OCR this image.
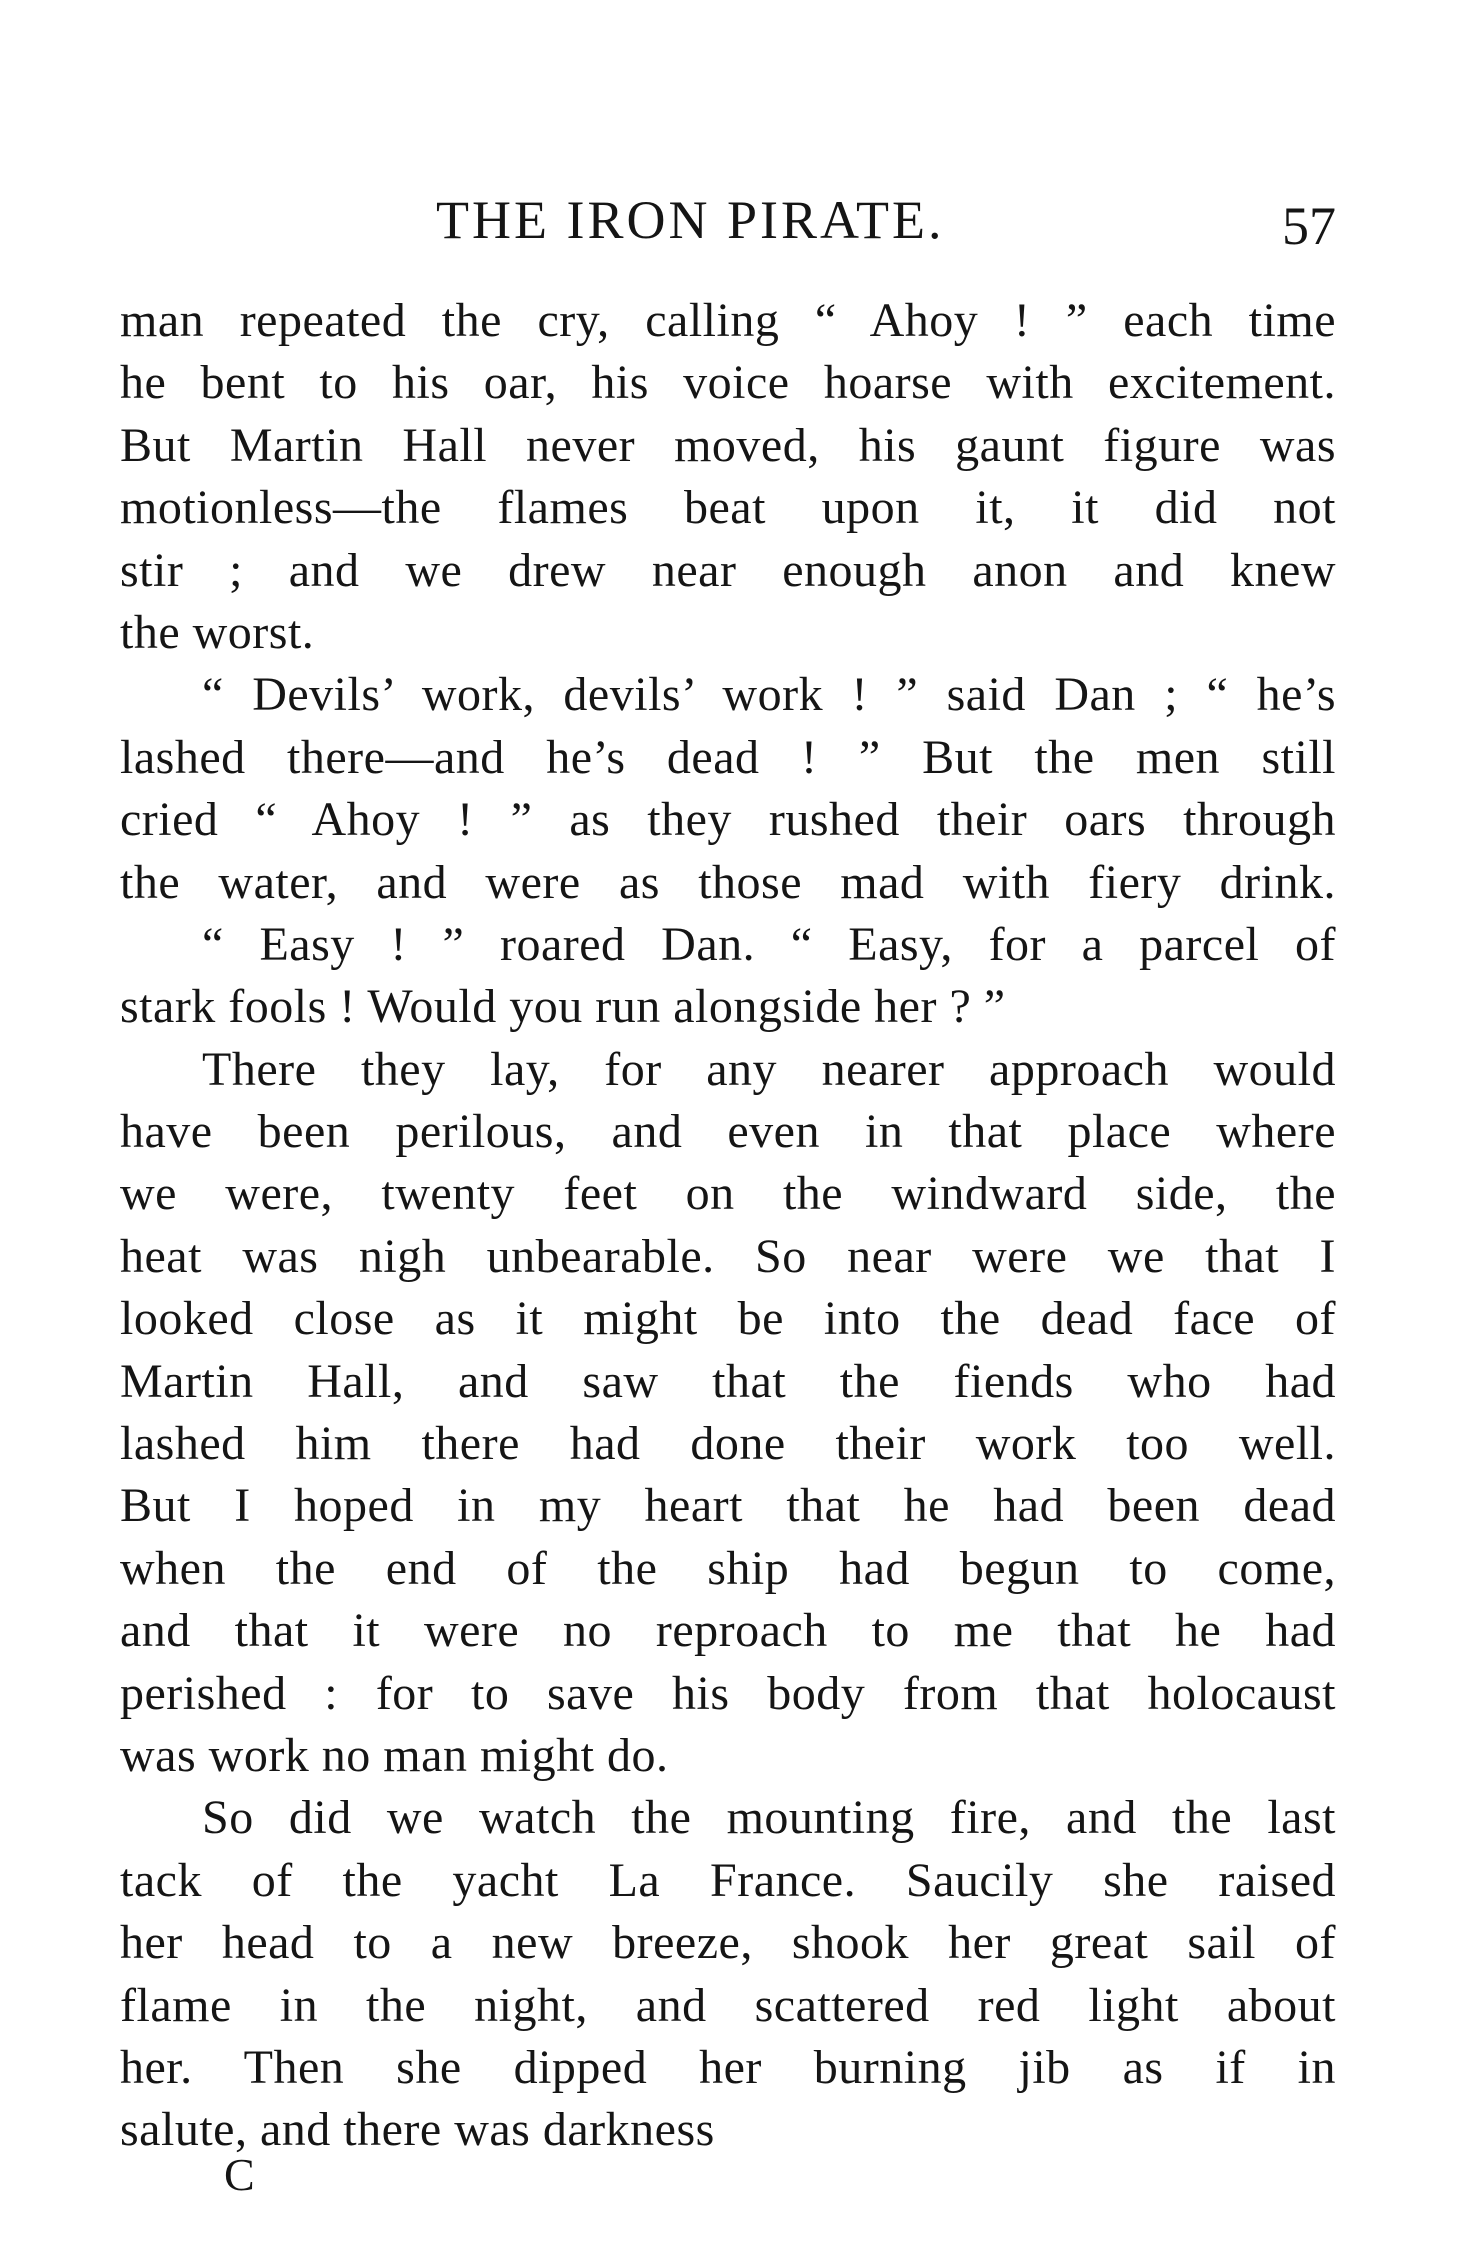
THE IRON PIRATE.	57
man repeated the cry, calling “ Ahoy ! ” each time
he bent to his oar, his voice hoarse with excitement.
But Martin Hall never moved, his gaunt figure was
motionless—the flames beat upon it, it did not
stir ; and we drew near enough anon and knew
the worst.
“ Devils’ work, devils’ work ! ” said Dan ; “ he’s
lashed there—and he’s dead ! ” But the men still
cried “ Ahoy ! ” as they rushed their oars through
the water, and were as those mad with fiery drink.
“ Easy ! ” roared Dan. “ Easy, for a parcel of
stark fools ! Would you run alongside her ? ”
There they lay, for any nearer approach would
have been perilous, and even in that place where
we were, twenty feet on the windward side, the
heat was nigh unbearable. So near were we that I
looked close as it might be into the dead face of
Martin Hall, and saw that the fiends who had
lashed him there had done their work too well.
But I hoped in my heart that he had been dead
when the end of the ship had begun to come,
and that it were no reproach to me that he had
perished : for to save his body from that holocaust
was work no man might do.
So did we watch the mounting fire, and the last
tack of the yacht La France. Saucily she raised
her head to a new breeze, shook her great sail of
flame in the night, and scattered red light about
her. Then she dipped her burning jib as if in
salute, and there was darkness
C
